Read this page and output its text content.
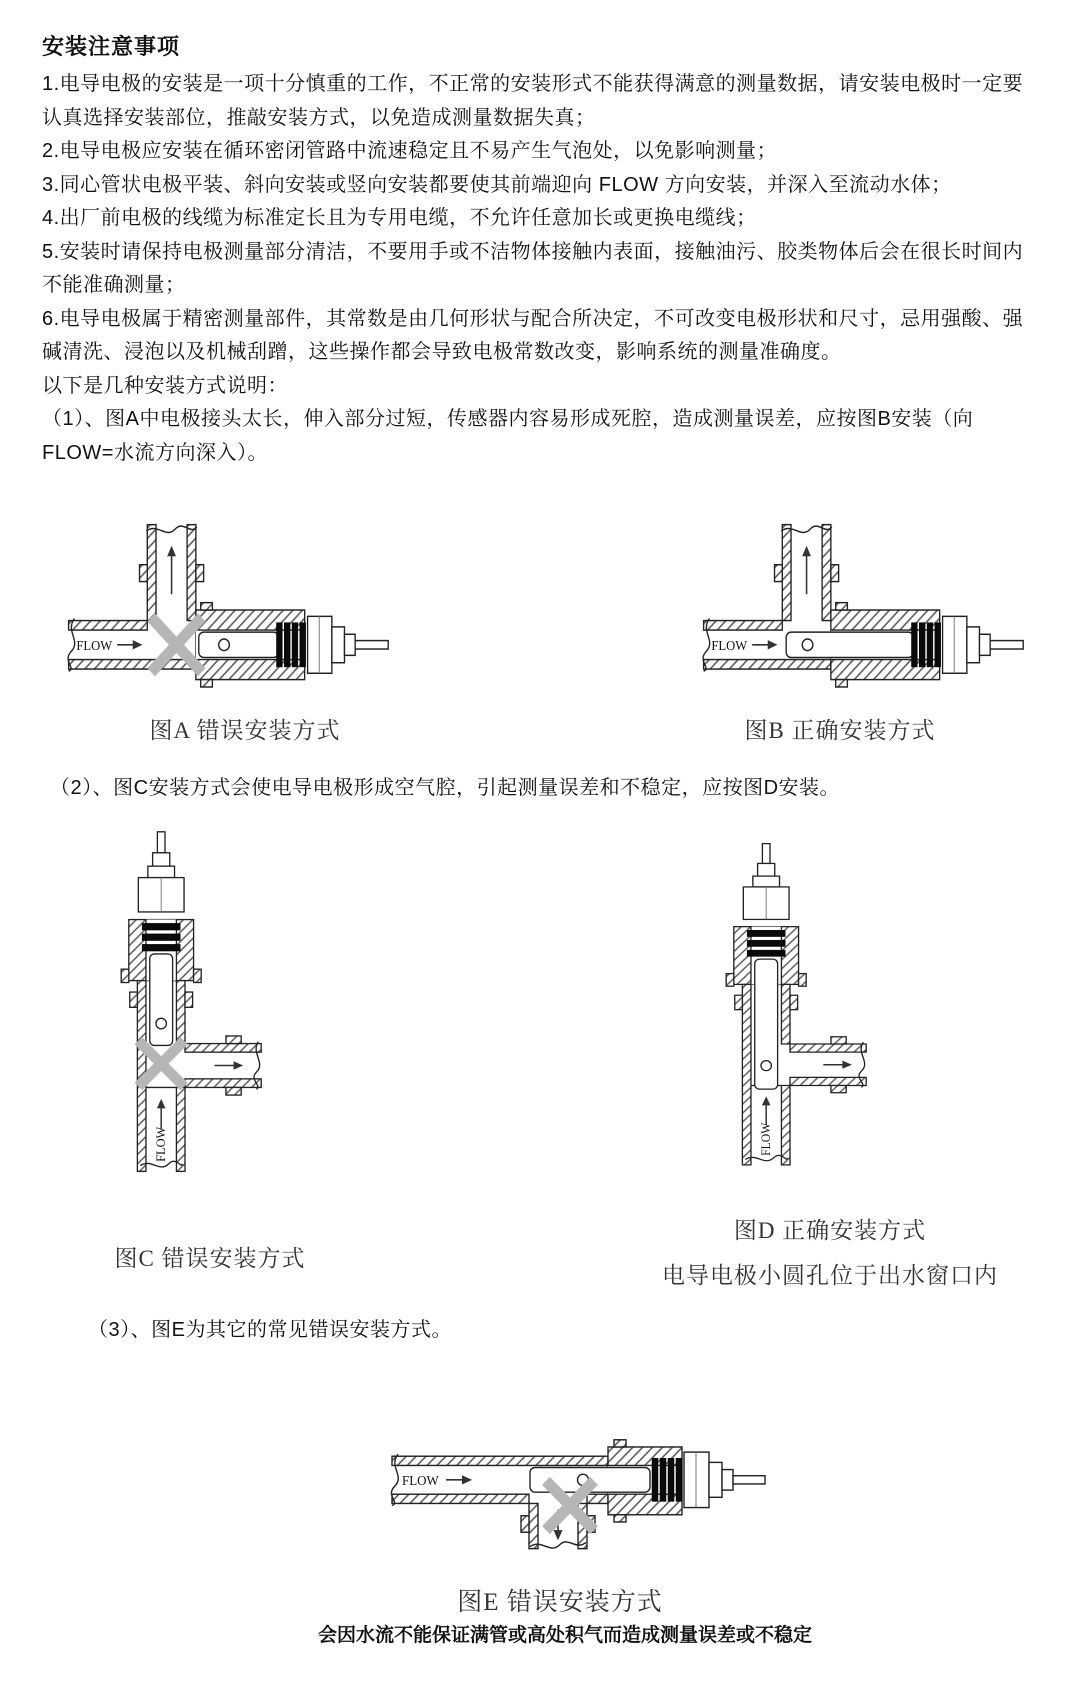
安装注意事项
1.电导电极的安装是一项十分慎重的工作，不正常的安装形式不能获得满意的测量数据，请安装电极时一定要认真选择安装部位，推敲安装方式，以免造成测量数据失真；
2.电导电极应安装在循环密闭管路中流速稳定且不易产生气泡处，以免影响测量；
3.同心管状电极平装、斜向安装或竖向安装都要使其前端迎向 FLOW 方向安装，并深入至流动水体；
4.出厂前电极的线缆为标准定长且为专用电缆，不允许任意加长或更换电缆线；
5.安装时请保持电极测量部分清洁，不要用手或不洁物体接触内表面，接触油污、胶类物体后会在很长时间内不能准确测量；
6.电导电极属于精密测量部件，其常数是由几何形状与配合所决定，不可改变电极形状和尺寸，忌用强酸、强碱清洗、浸泡以及机械刮蹭，这些操作都会导致电极常数改变，影响系统的测量准确度。
以下是几种安装方式说明：
（1）、图A中电极接头太长，伸入部分过短，传感器内容易形成死腔，造成测量误差，应按图B安装（向FLOW=水流方向深入）。
FLOW	FLOW
图A 错误安装方式	图B 正确安装方式
（2）、图C安装方式会使电导电极形成空气腔，引起测量误差和不稳定，应按图D安装。
FLOW	FLOW
图C 错误安装方式
图D 正确安装方式
电导电极小圆孔位于出水窗口内
（3）、图E为其它的常见错误安装方式。
FLOW
图E 错误安装方式
会因水流不能保证满管或高处积气而造成测量误差或不稳定
